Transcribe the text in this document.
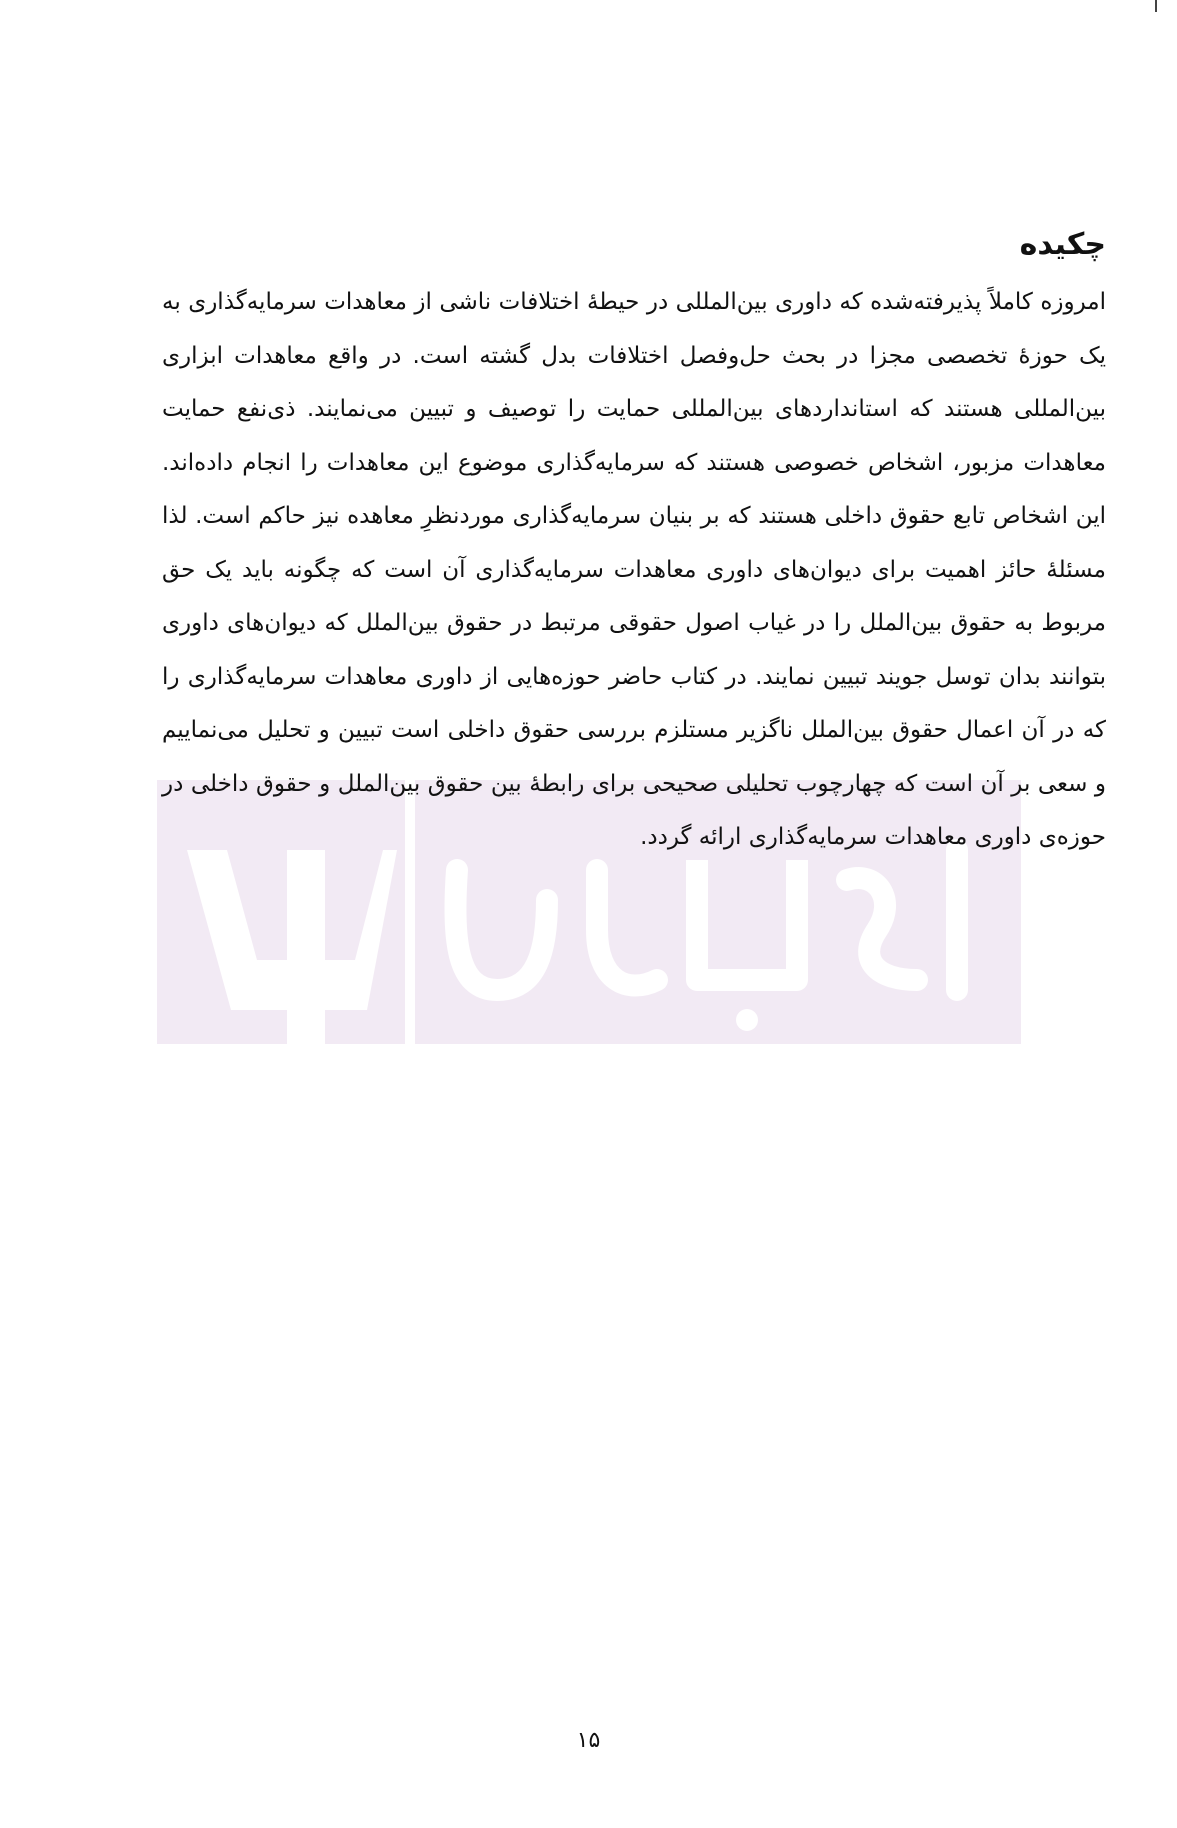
چکیده

امروزه کاملاً پذیرفته‌شده که داوری بین‌المللی در حیطهٔ اختلافات ناشی از معاهدات سرمایه‌گذاری به یک حوزهٔ تخصصی مجزا در بحث حل‌وفصل اختلافات بدل گشته است. در واقع معاهدات ابزاری بین‌المللی هستند که استانداردهای بین‌المللی حمایت را توصیف و تبیین می‌نمایند. ذی‌نفع حمایت معاهدات مزبور، اشخاص خصوصی هستند که سرمایه‌گذاری موضوع این معاهدات را انجام داده‌اند. این اشخاص تابع حقوق داخلی هستند که بر بنیان سرمایه‌گذاری موردنظرِ معاهده نیز حاکم است. لذا مسئلهٔ حائز اهمیت برای دیوان‌های داوری معاهدات سرمایه‌گذاری آن است که چگونه باید یک حق مربوط به حقوق بین‌الملل را در غیاب اصول حقوقی مرتبط در حقوق بین‌الملل که دیوان‌های داوری بتوانند بدان توسل جویند تبیین نمایند. در کتاب حاضر حوزه‌هایی از داوری معاهدات سرمایه‌گذاری را که در آن اعمال حقوق بین‌الملل ناگزیر مستلزم بررسی حقوق داخلی است تبیین و تحلیل می‌نماییم و سعی بر آن است که چهارچوب تحلیلی صحیحی برای رابطهٔ بین حقوق بین‌الملل و حقوق داخلی در حوزه‌ی داوری معاهدات سرمایه‌گذاری ارائه گردد.

۱۵
